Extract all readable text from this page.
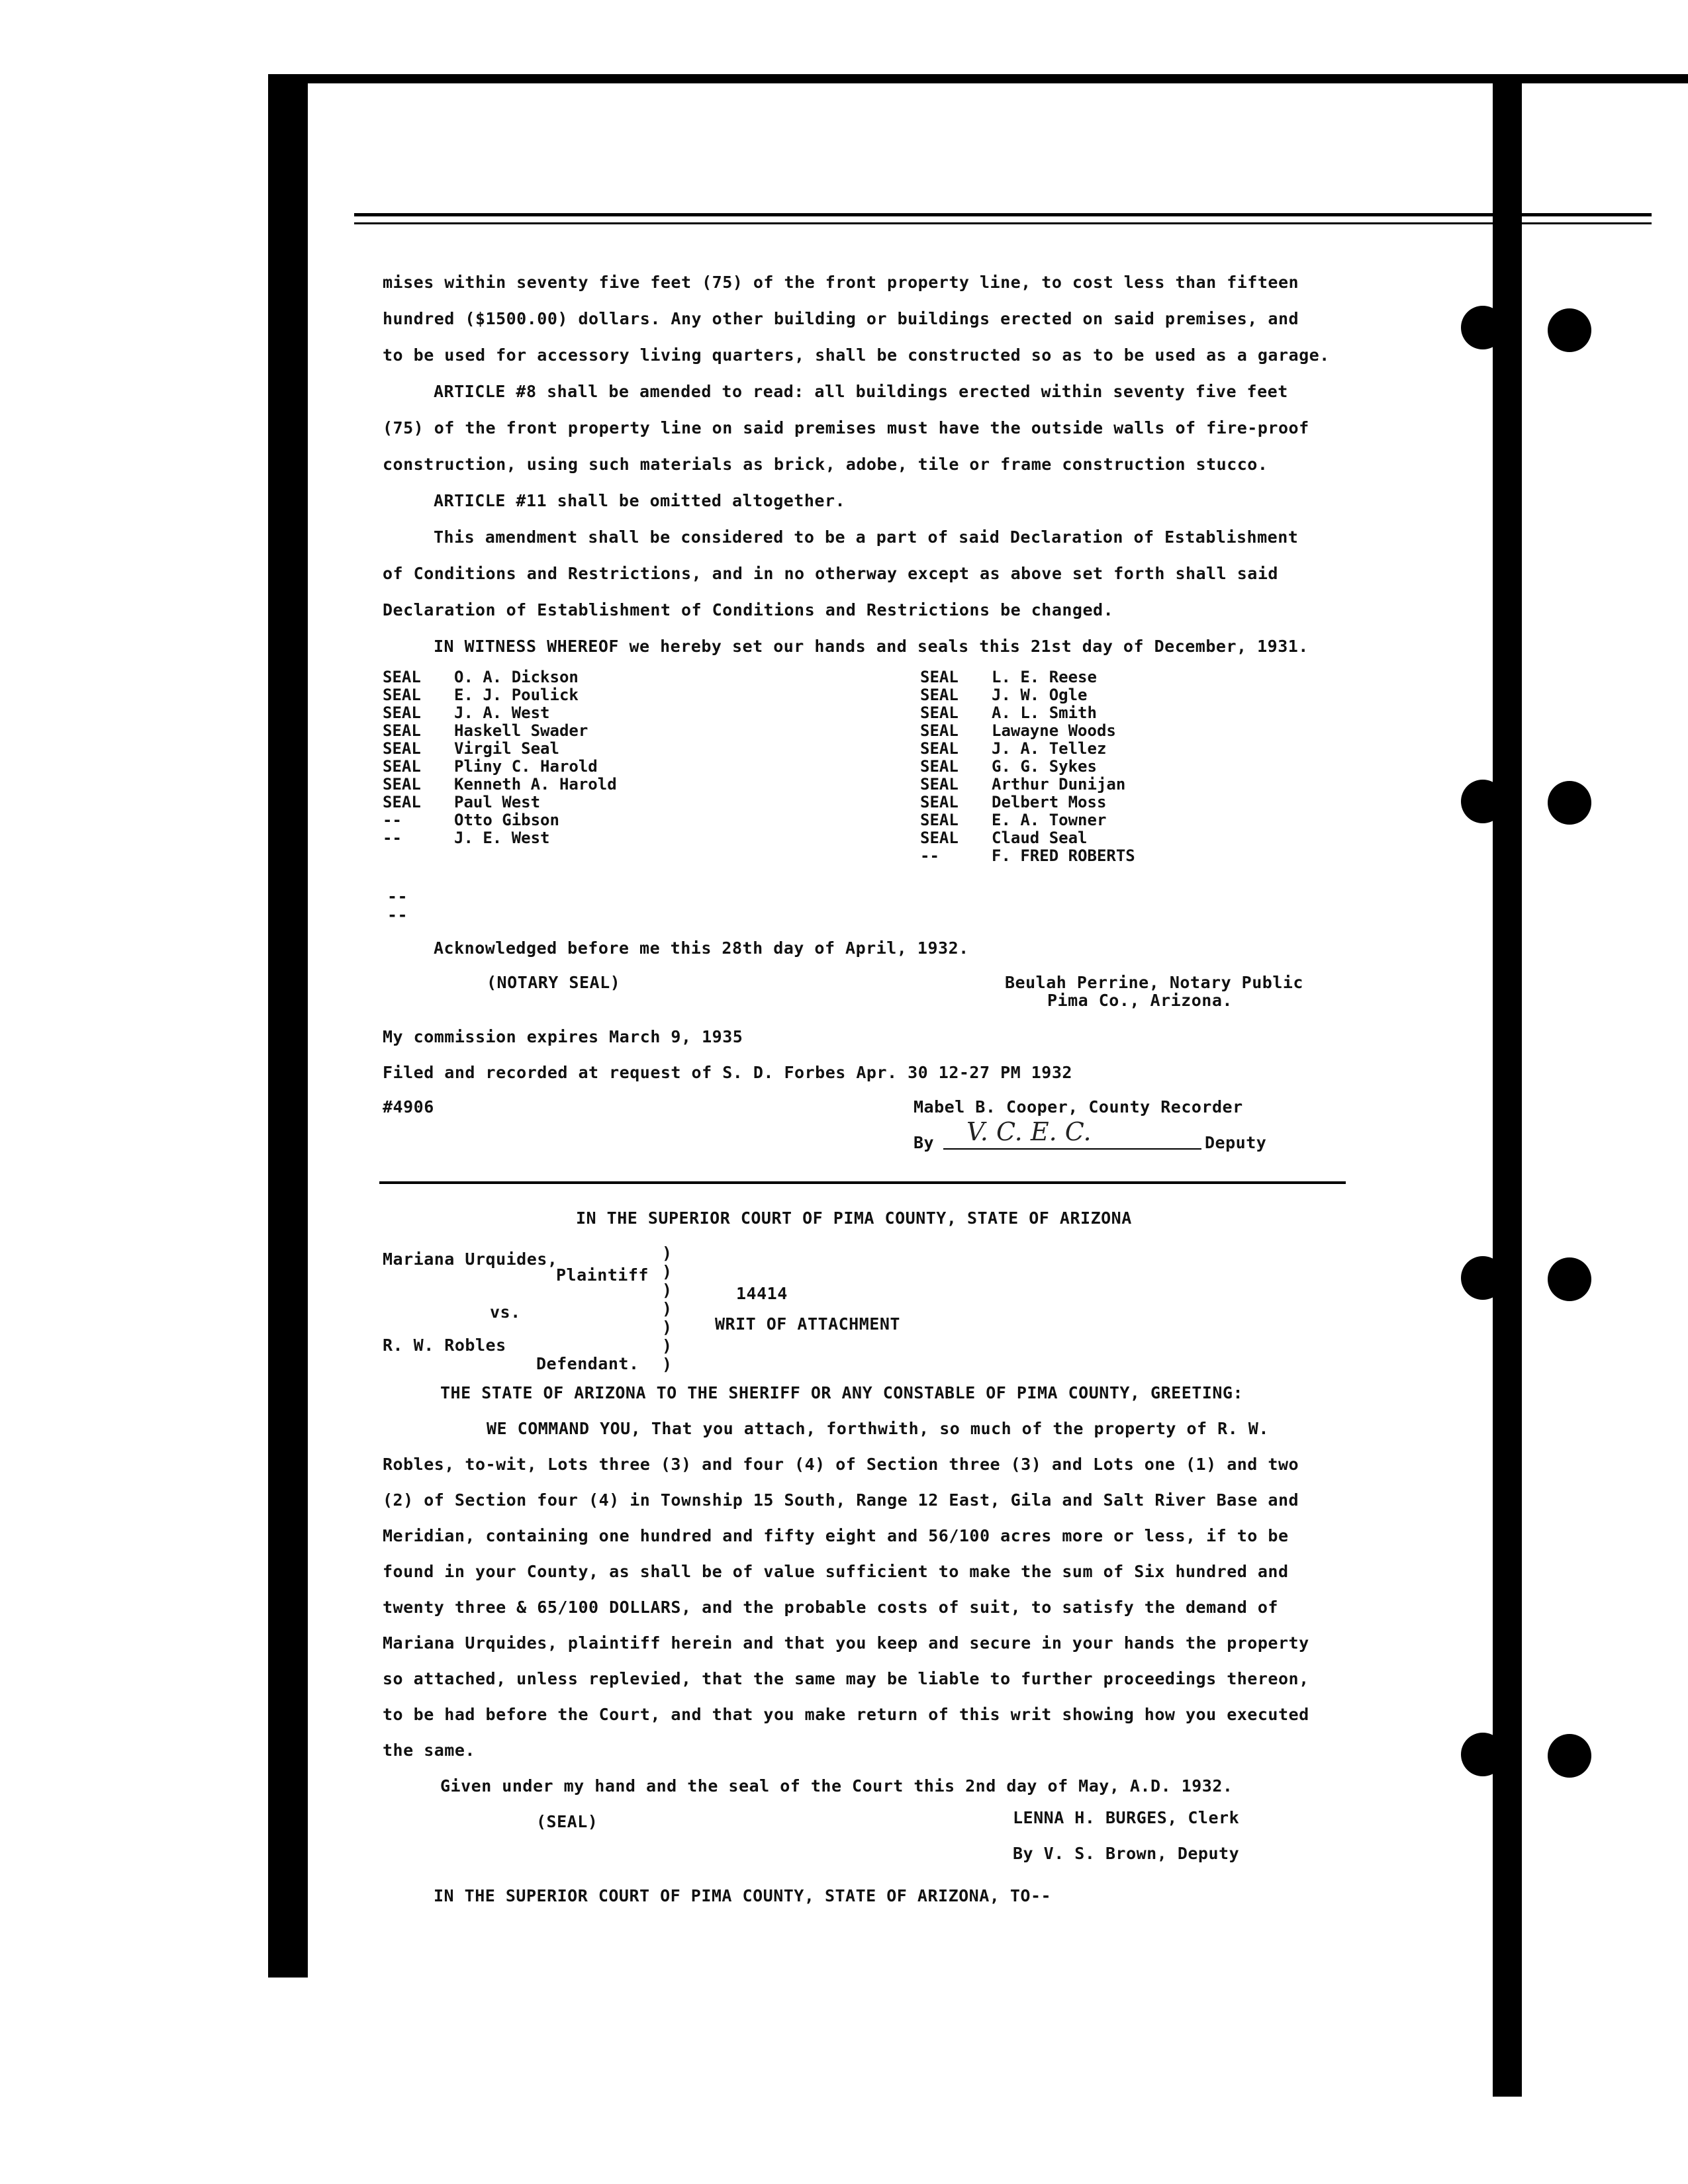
mises within seventy five feet (75) of the front property line, to cost less than fifteen
hundred ($1500.00) dollars. Any other building or buildings erected on said premises, and
to be used for accessory living quarters, shall be constructed so as to be used as a garage.
ARTICLE #8 shall be amended to read: all buildings erected within seventy five feet
(75) of the front property line on said premises must have the outside walls of fire-proof
construction, using such materials as brick, adobe, tile or frame construction stucco.
ARTICLE #11 shall be omitted altogether.
This amendment shall be considered to be a part of said Declaration of Establishment
of Conditions and Restrictions, and in no otherway except as above set forth shall said
Declaration of Establishment of Conditions and Restrictions be changed.
IN WITNESS WHEREOF we hereby set our hands and seals this 21st day of December, 1931.
SEAL	O. A. Dickson
SEAL	E. J. Poulick
SEAL	J. A. West
SEAL	Haskell Swader
SEAL	Virgil Seal
SEAL	Pliny C. Harold
SEAL	Kenneth A. Harold
SEAL	Paul West
--	Otto Gibson
--	J. E. West
SEAL	L. E. Reese
SEAL	J. W. Ogle
SEAL	A. L. Smith
SEAL	Lawayne Woods
SEAL	J. A. Tellez
SEAL	G. G. Sykes
SEAL	Arthur Dunijan
SEAL	Delbert Moss
SEAL	E. A. Towner
SEAL	Claud Seal
--	F. FRED ROBERTS
--
--
Acknowledged before me this 28th day of April, 1932.
(NOTARY SEAL)	Beulah Perrine, Notary Public
Pima Co., Arizona.
My commission expires March 9, 1935
Filed and recorded at request of S. D. Forbes Apr. 30 12-27 PM 1932
#4906	Mabel B. Cooper, County Recorder
By V. C. E. C.	Deputy
IN THE SUPERIOR COURT OF PIMA COUNTY, STATE OF ARIZONA
Mariana Urquides,
Plaintiff
14414
vs.
WRIT OF ATTACHMENT
R. W. Robles
Defendant.
)
)
)
)
)
)
)
THE STATE OF ARIZONA TO THE SHERIFF OR ANY CONSTABLE OF PIMA COUNTY, GREETING:
WE COMMAND YOU, That you attach, forthwith, so much of the property of R. W.
Robles, to-wit, Lots three (3) and four (4) of Section three (3) and Lots one (1) and two
(2) of Section four (4) in Township 15 South, Range 12 East, Gila and Salt River Base and
Meridian, containing one hundred and fifty eight and 56/100 acres more or less, if to be
found in your County, as shall be of value sufficient to make the sum of Six hundred and
twenty three & 65/100 DOLLARS, and the probable costs of suit, to satisfy the demand of
Mariana Urquides, plaintiff herein and that you keep and secure in your hands the property
so attached, unless replevied, that the same may be liable to further proceedings thereon,
to be had before the Court, and that you make return of this writ showing how you executed
the same.
Given under my hand and the seal of the Court this 2nd day of May, A.D. 1932.
(SEAL)	LENNA H. BURGES, Clerk
By V. S. Brown, Deputy
IN THE SUPERIOR COURT OF PIMA COUNTY, STATE OF ARIZONA, TO--
